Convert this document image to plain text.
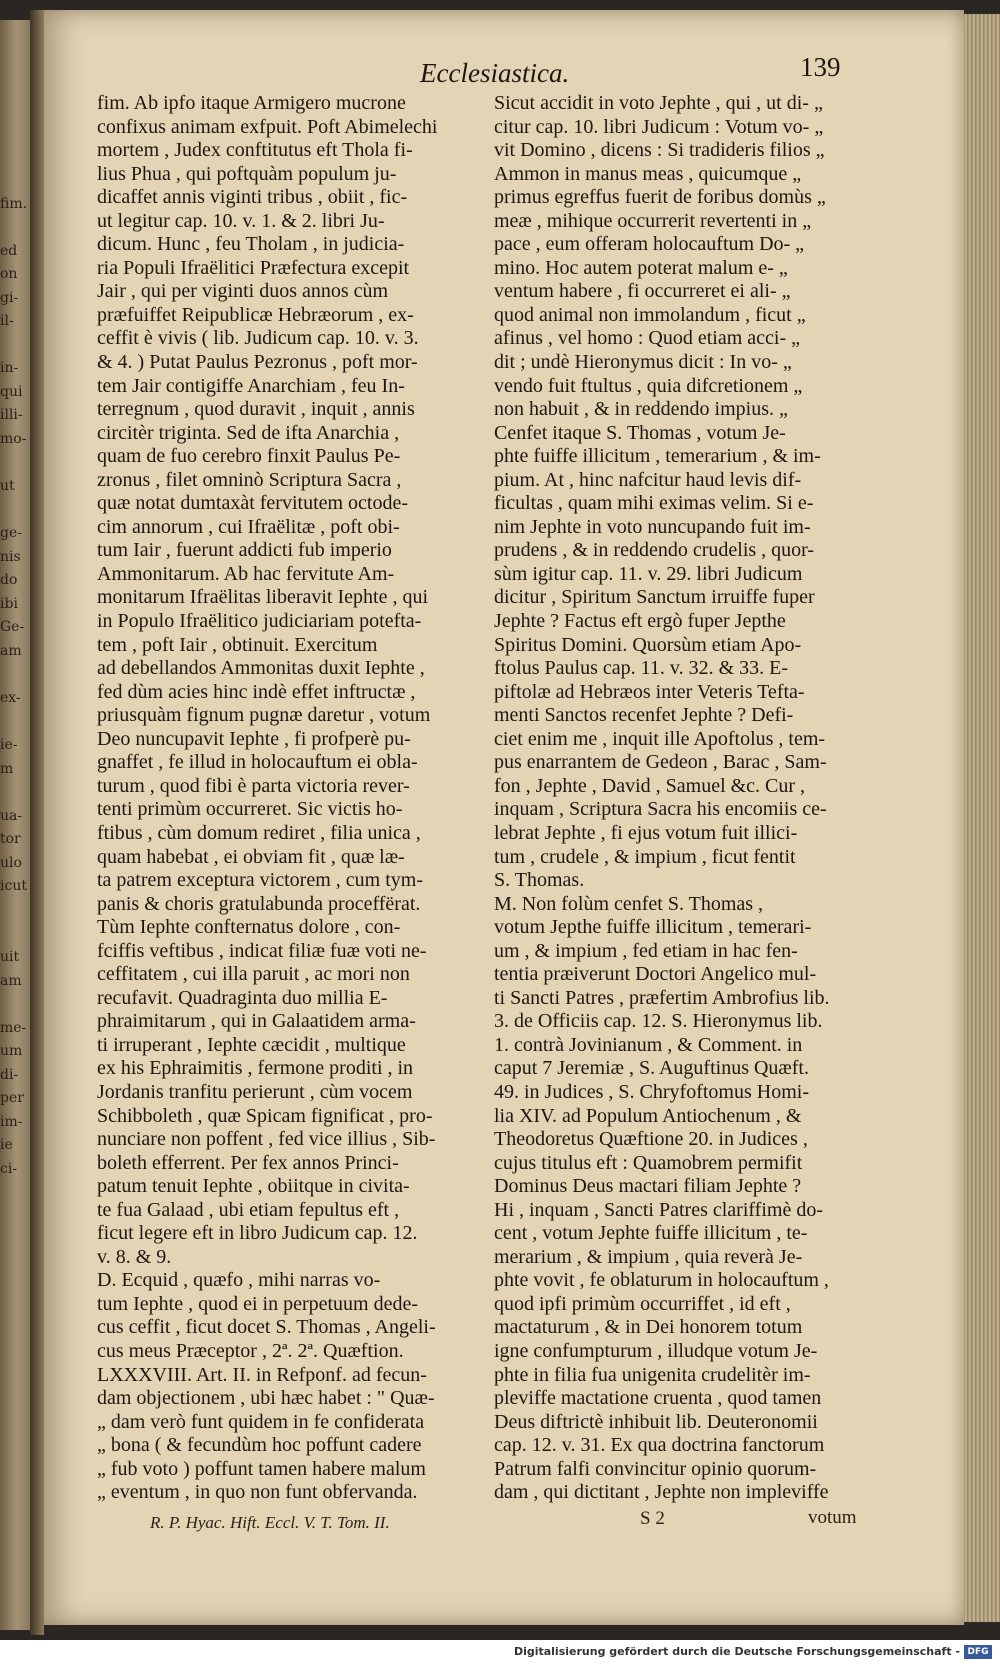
fim.
ed
on
gi-
il-
in-
qui
illi-
mo-
ut
ge-
nis
do
ibi
Ge-
am
ex-
ie-
m
ua-
tor
ulo
icut
uit
am
me-
um
di-
per
im-
ie
ci-
Ecclesiastica.	139
fim. Ab ipfo itaque Armigero mucrone
confixus animam exfpuit. Poft Abimelechi
mortem , Judex conftitutus eft Thola fi-
lius Phua , qui poftquàm populum ju-
dicaffet annis viginti tribus , obiit , fic-
ut legitur cap. 10. v. 1. & 2. libri Ju-
dicum. Hunc , feu Tholam , in judicia-
ria Populi Ifraëlitici Præfectura excepit
Jair , qui per viginti duos annos cùm
præfuiffet Reipublicæ Hebræorum , ex-
ceffit è vivis ( lib. Judicum cap. 10. v. 3.
& 4. ) Putat Paulus Pezronus , poft mor-
tem Jair contigiffe Anarchiam , feu In-
terregnum , quod duravit , inquit , annis
circitèr triginta. Sed de ifta Anarchia ,
quam de fuo cerebro finxit Paulus Pe-
zronus , filet omninò Scriptura Sacra ,
quæ notat dumtaxàt fervitutem octode-
cim annorum , cui Ifraëlitæ , poft obi-
tum Iair , fuerunt addicti fub imperio
Ammonitarum. Ab hac fervitute Am-
monitarum Ifraëlitas liberavit Iephte , qui
in Populo Ifraëlitico judiciariam potefta-
tem , poft Iair , obtinuit. Exercitum
ad debellandos Ammonitas duxit Iephte ,
fed dùm acies hinc indè effet inftructæ ,
priusquàm fignum pugnæ daretur , votum
Deo nuncupavit Iephte , fi profperè pu-
gnaffet , fe illud in holocauftum ei obla-
turum , quod fibi è parta victoria rever-
tenti primùm occurreret. Sic victis ho-
ftibus , cùm domum rediret , filia unica ,
quam habebat , ei obviam fit , quæ læ-
ta patrem exceptura victorem , cum tym-
panis & choris gratulabunda proceffërat.
Tùm Iephte confternatus dolore , con-
fciffis veftibus , indicat filiæ fuæ voti ne-
ceffitatem , cui illa paruit , ac mori non
recufavit. Quadraginta duo millia E-
phraimitarum , qui in Galaatidem arma-
ti irruperant , Iephte cæcidit , multique
ex his Ephraimitis , fermone proditi , in
Jordanis tranfitu perierunt , cùm vocem
Schibboleth , quæ Spicam fignificat , pro-
nunciare non poffent , fed vice illius , Sib-
boleth efferrent. Per fex annos Princi-
patum tenuit Iephte , obiitque in civita-
te fua Galaad , ubi etiam fepultus eft ,
ficut legere eft in libro Judicum cap. 12.
v. 8. & 9.
D. Ecquid , quæfo , mihi narras vo-
tum Iephte , quod ei in perpetuum dede-
cus ceffit , ficut docet S. Thomas , Angeli-
cus meus Præceptor , 2ª. 2ª. Quæftion.
LXXXVIII. Art. II. in Refponf. ad fecun-
dam objectionem , ubi hæc habet : " Quæ-
„ dam verò funt quidem in fe confiderata
„ bona ( & fecundùm hoc poffunt cadere
„ fub voto ) poffunt tamen habere malum
„ eventum , in quo non funt obfervanda.
Sicut accidit in voto Jephte , qui , ut di- „
citur cap. 10. libri Judicum : Votum vo- „
vit Domino , dicens : Si tradideris filios „
Ammon in manus meas , quicumque „
primus egreffus fuerit de foribus domùs „
meæ , mihique occurrerit revertenti in „
pace , eum offeram holocauftum Do- „
mino. Hoc autem poterat malum e- „
ventum habere , fi occurreret ei ali- „
quod animal non immolandum , ficut „
afinus , vel homo : Quod etiam acci- „
dit ; undè Hieronymus dicit : In vo- „
vendo fuit ftultus , quia difcretionem „
non habuit , & in reddendo impius. „
Cenfet itaque S. Thomas , votum Je-
phte fuiffe illicitum , temerarium , & im-
pium. At , hinc nafcitur haud levis dif-
ficultas , quam mihi eximas velim. Si e-
nim Jephte in voto nuncupando fuit im-
prudens , & in reddendo crudelis , quor-
sùm igitur cap. 11. v. 29. libri Judicum
dicitur , Spiritum Sanctum irruiffe fuper
Jephte ? Factus eft ergò fuper Jepthe
Spiritus Domini. Quorsùm etiam Apo-
ftolus Paulus cap. 11. v. 32. & 33. E-
piftolæ ad Hebræos inter Veteris Tefta-
menti Sanctos recenfet Jephte ? Defi-
ciet enim me , inquit ille Apoftolus , tem-
pus enarrantem de Gedeon , Barac , Sam-
fon , Jephte , David , Samuel &c. Cur ,
inquam , Scriptura Sacra his encomiis ce-
lebrat Jephte , fi ejus votum fuit illici-
tum , crudele , & impium , ficut fentit
S. Thomas.
M. Non folùm cenfet S. Thomas ,
votum Jepthe fuiffe illicitum , temerari-
um , & impium , fed etiam in hac fen-
tentia præiverunt Doctori Angelico mul-
ti Sancti Patres , præfertim Ambrofius lib.
3. de Officiis cap. 12. S. Hieronymus lib.
1. contrà Jovinianum , & Comment. in
caput 7 Jeremiæ , S. Auguftinus Quæft.
49. in Judices , S. Chryfoftomus Homi-
lia XIV. ad Populum Antiochenum , &
Theodoretus Quæftione 20. in Judices ,
cujus titulus eft : Quamobrem permifit
Dominus Deus mactari filiam Jephte ?
Hi , inquam , Sancti Patres clariffimè do-
cent , votum Jephte fuiffe illicitum , te-
merarium , & impium , quia reverà Je-
phte vovit , fe oblaturum in holocauftum ,
quod ipfi primùm occurriffet , id eft ,
mactaturum , & in Dei honorem totum
igne confumpturum , illudque votum Je-
phte in filia fua unigenita crudelitèr im-
pleviffe mactatione cruenta , quod tamen
Deus diftrictè inhibuit lib. Deuteronomii
cap. 12. v. 31. Ex qua doctrina fanctorum
Patrum falfi convincitur opinio quorum-
dam , qui dictitant , Jephte non impleviffe
R. P. Hyac. Hift. Eccl. V. T. Tom. II.	S 2	votum
Digitalisierung gefördert durch die Deutsche Forschungsgemeinschaft - DFG
